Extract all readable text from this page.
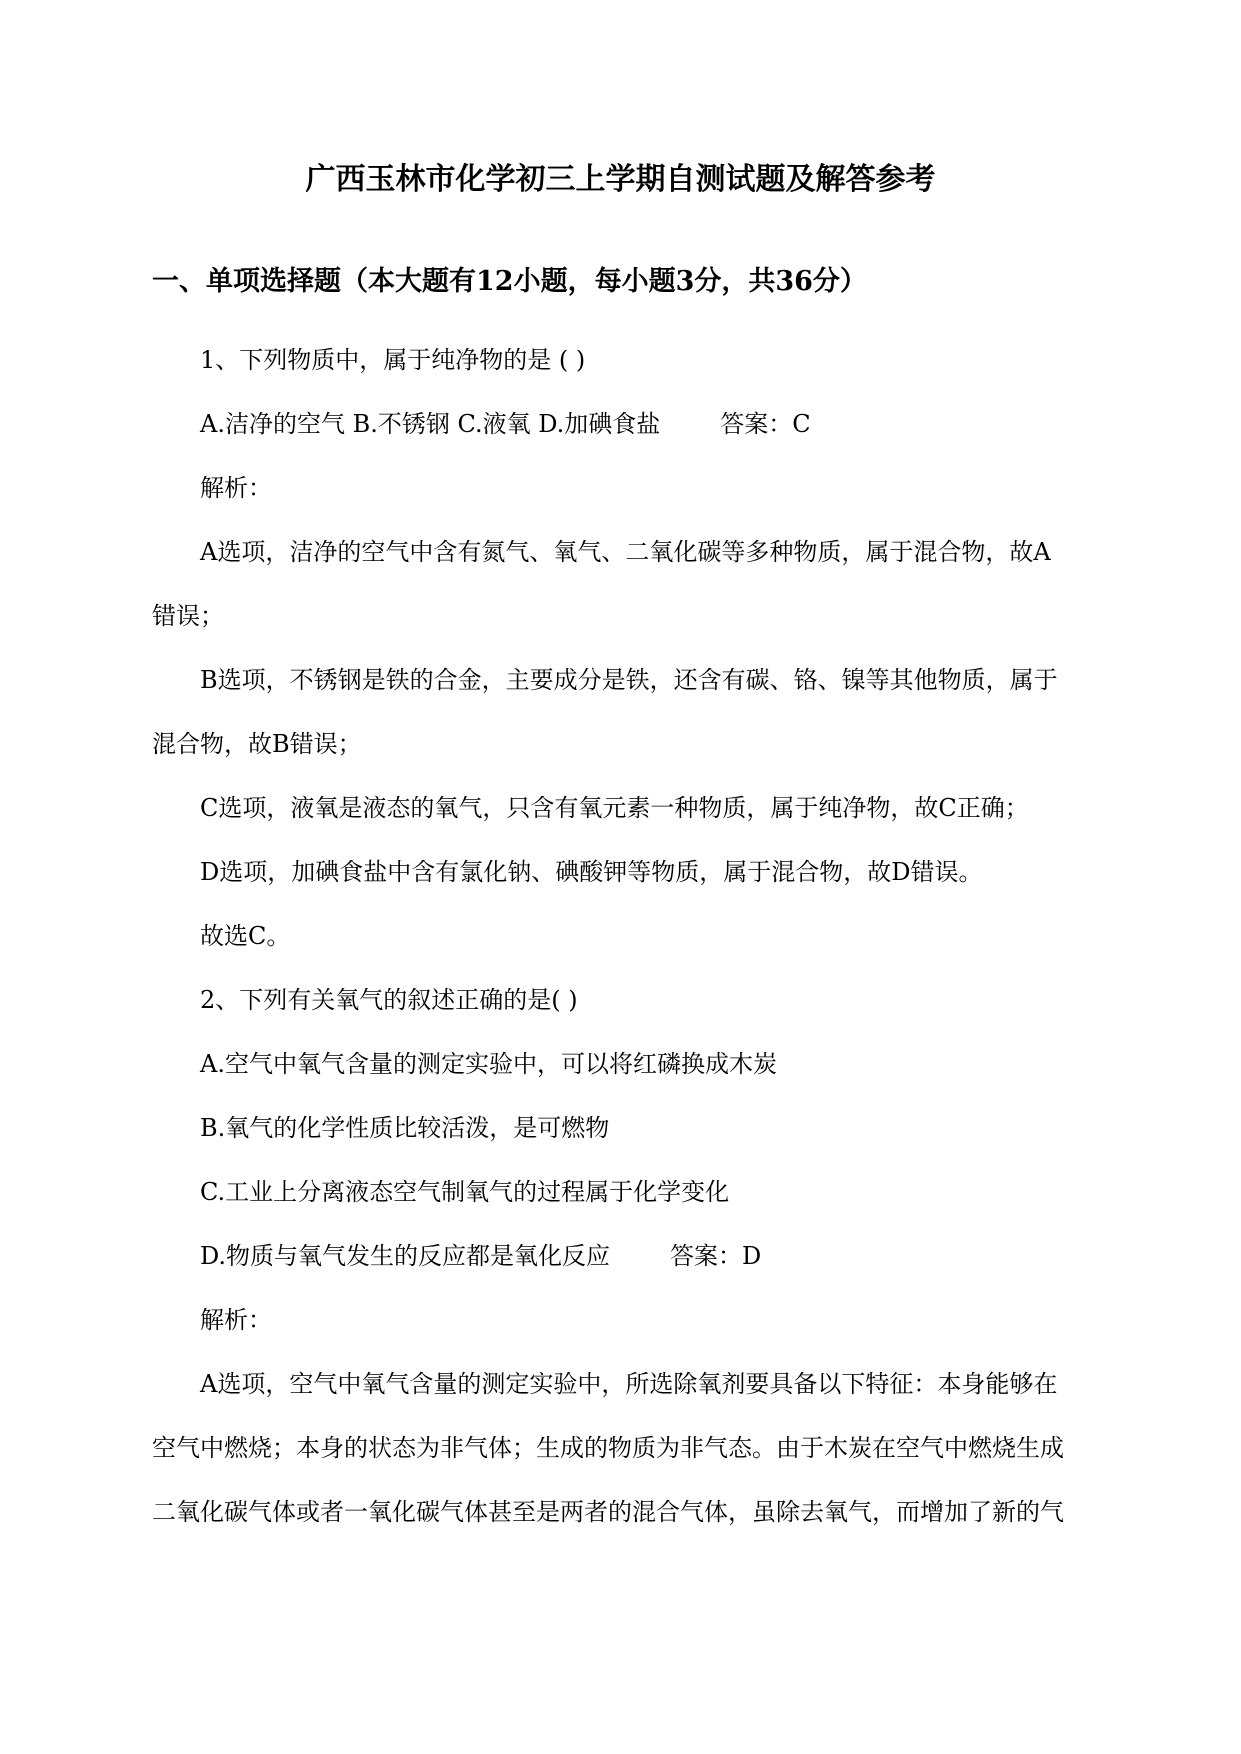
广西玉林市化学初三上学期自测试题及解答参考
一、单项选择题（本大题有12小题，每小题3分，共36分）
1、下列物质中，属于纯净物的是 ( )
A.洁净的空气 B.不锈钢 C.液氧 D.加碘食盐	答案：C
解析：
A选项，洁净的空气中含有氮气、氧气、二氧化碳等多种物质，属于混合物，故A
错误；
B选项，不锈钢是铁的合金，主要成分是铁，还含有碳、铬、镍等其他物质，属于
混合物，故B错误；
C选项，液氧是液态的氧气，只含有氧元素一种物质，属于纯净物，故C正确；
D选项，加碘食盐中含有氯化钠、碘酸钾等物质，属于混合物，故D错误。
故选C。
2、下列有关氧气的叙述正确的是( )
A.空气中氧气含量的测定实验中，可以将红磷换成木炭
B.氧气的化学性质比较活泼，是可燃物
C.工业上分离液态空气制氧气的过程属于化学变化
D.物质与氧气发生的反应都是氧化反应	答案：D
解析：
A选项，空气中氧气含量的测定实验中，所选除氧剂要具备以下特征：本身能够在
空气中燃烧；本身的状态为非气体；生成的物质为非气态。由于木炭在空气中燃烧生成
二氧化碳气体或者一氧化碳气体甚至是两者的混合气体，虽除去氧气，而增加了新的气
